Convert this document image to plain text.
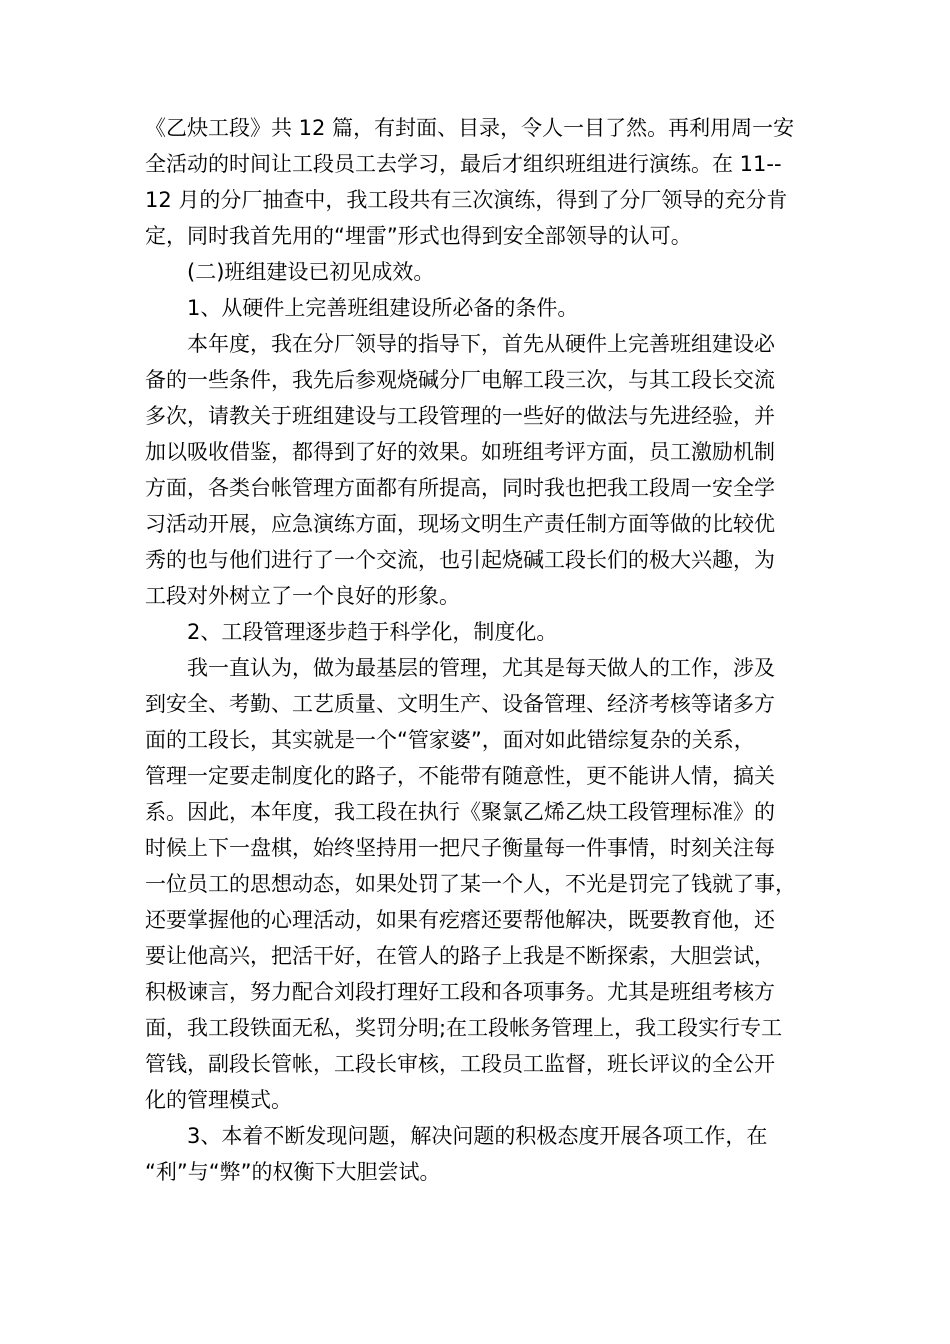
《乙炔工段》共 12 篇，有封面、目录，令人一目了然。再利用周一安
全活动的时间让工段员工去学习，最后才组织班组进行演练。在 11--
12 月的分厂抽查中，我工段共有三次演练，得到了分厂领导的充分肯
定，同时我首先用的“埋雷”形式也得到安全部领导的认可。
(二)班组建设已初见成效。
1、从硬件上完善班组建设所必备的条件。
本年度，我在分厂领导的指导下，首先从硬件上完善班组建设必
备的一些条件，我先后参观烧碱分厂电解工段三次，与其工段长交流
多次，请教关于班组建设与工段管理的一些好的做法与先进经验，并
加以吸收借鉴，都得到了好的效果。如班组考评方面，员工激励机制
方面，各类台帐管理方面都有所提高，同时我也把我工段周一安全学
习活动开展，应急演练方面，现场文明生产责任制方面等做的比较优
秀的也与他们进行了一个交流，也引起烧碱工段长们的极大兴趣，为
工段对外树立了一个良好的形象。
2、工段管理逐步趋于科学化，制度化。
我一直认为，做为最基层的管理，尤其是每天做人的工作，涉及
到安全、考勤、工艺质量、文明生产、设备管理、经济考核等诸多方
面的工段长，其实就是一个“管家婆”，面对如此错综复杂的关系，
管理一定要走制度化的路子，不能带有随意性，更不能讲人情，搞关
系。因此，本年度，我工段在执行《聚氯乙烯乙炔工段管理标准》的
时候上下一盘棋，始终坚持用一把尺子衡量每一件事情，时刻关注每
一位员工的思想动态，如果处罚了某一个人，不光是罚完了钱就了事，
还要掌握他的心理活动，如果有疙瘩还要帮他解决，既要教育他，还
要让他高兴，把活干好，在管人的路子上我是不断探索，大胆尝试，
积极谏言，努力配合刘段打理好工段和各项事务。尤其是班组考核方
面，我工段铁面无私，奖罚分明;在工段帐务管理上，我工段实行专工
管钱，副段长管帐，工段长审核，工段员工监督，班长评议的全公开
化的管理模式。
3、本着不断发现问题，解决问题的积极态度开展各项工作，在
“利”与“弊”的权衡下大胆尝试。
